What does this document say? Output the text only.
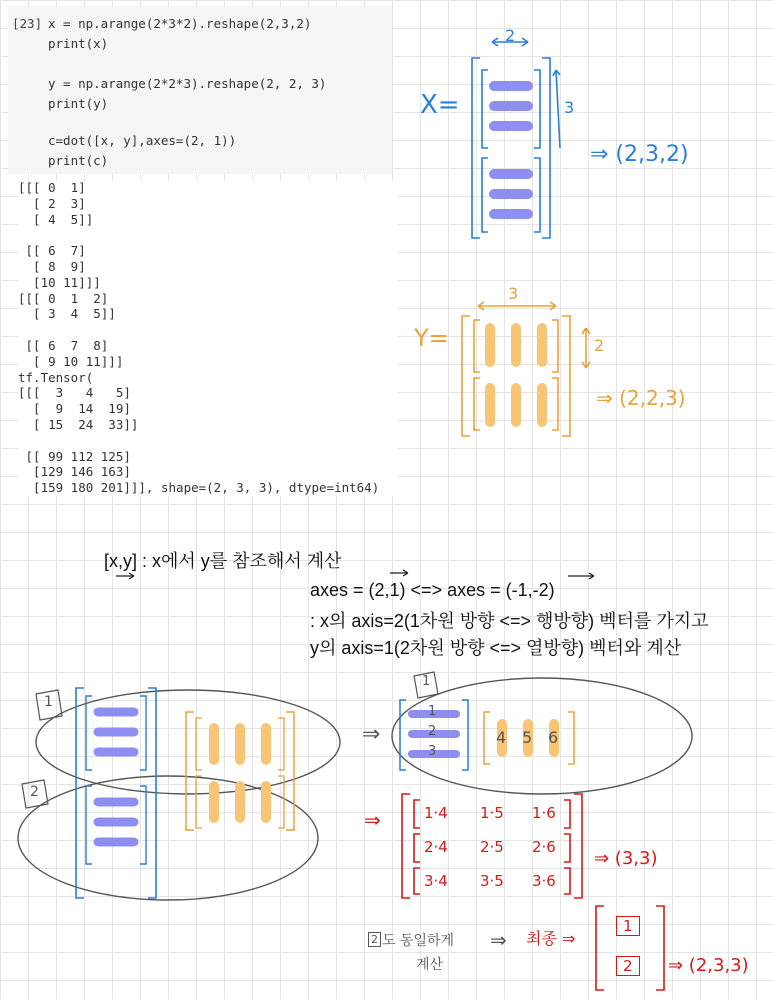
[23] x = np.arange(2*3*2).reshape(2,3,2)
print(x)
y = np.arange(2*2*3).reshape(2, 2, 3)
print(y)
c=dot([x, y],axes=(2, 1))
print(c)
[[[ 0  1]
[ 2  3]
[ 4  5]]

[[ 6  7]
[ 8  9]
[10 11]]]
[[[ 0  1  2]
[ 3  4  5]]

[[ 6  7  8]
[ 9 10 11]]]
tf.Tensor(
[[[  3   4   5]
[  9  14  19]
[ 15  24  33]]

[[ 99 112 125]
[129 146 163]
[159 180 201]]], shape=(2, 3, 3), dtype=int64)
X=
2
3
⇒ (2,3,2)
Y=
3
2
⇒ (2,2,3)
[x,y] : x에서 y를 참조해서 계산
axes = (2,1) <=> axes = (-1,-2)
: x의 axis=2(1차원 방향 <=> 행방향) 벡터를 가지고
y의 axis=1(2차원 방향 <=> 열방향) 벡터와 계산
1
2
1
⇒
1
2
3
4 5 6
⇒	1·4 1·5 1·6
2·4 2·5 2·6
3·4 3·5 3·6
⇒ (3,3)
2 도 동일하게
계산
⇒ 최종 ⇒
1
2	⇒ (2,3,3)
